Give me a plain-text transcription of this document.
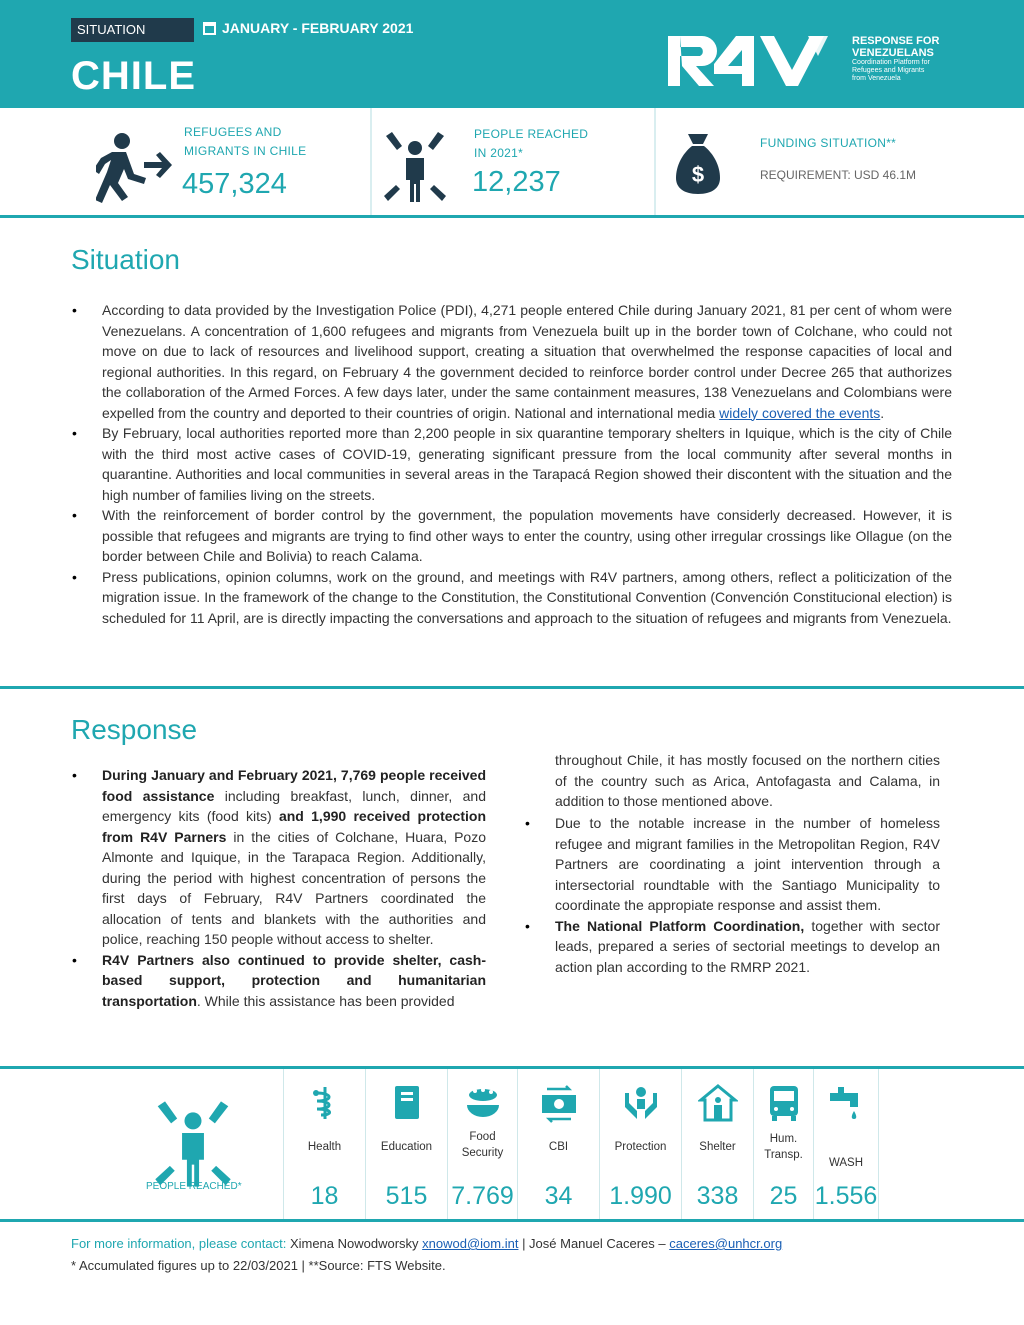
SITUATION	JANUARY - FEBRUARY 2021
CHILE
RESPONSE FOR
VENEZUELANS
Coordination Platform for
Refugees and Migrants
from Venezuela
REFUGEES AND
MIGRANTS IN CHILE
457,324
PEOPLE REACHED
IN 2021*
12,237	$
FUNDING SITUATION**
REQUIREMENT: USD 46.1M
Situation
• According to data provided by the Investigation Police (PDI), 4,271 people entered Chile during January 2021, 81 per cent of whom were Venezuelans. A concentration of 1,600 refugees and migrants from Venezuela built up in the border town of Colchane, who could not move on due to lack of resources and livelihood support, creating a situation that overwhelmed the response capacities of local and regional authorities. In this regard, on February 4 the government decided to reinforce border control under Decree 265 that authorizes the collaboration of the Armed Forces. A few days later, under the same containment measures, 138 Venezuelans and Colombians were expelled from the country and deported to their countries of origin. National and international media widely covered the events.
• By February, local authorities reported more than 2,200 people in six quarantine temporary shelters in Iquique, which is the city of Chile with the third most active cases of COVID-19, generating significant pressure from the local community after several months in quarantine. Authorities and local communities in several areas in the Tarapacá Region showed their discontent with the situation and the high number of families living on the streets.
• With the reinforcement of border control by the government, the population movements have considerly decreased. However, it is possible that refugees and migrants are trying to find other ways to enter the country, using other irregular crossings like Ollague (on the border between Chile and Bolivia) to reach Calama.
• Press publications, opinion columns, work on the ground, and meetings with R4V partners, among others, reflect a politicization of the migration issue. In the framework of the change to the Constitution, the Constitutional Convention (Convención Constitucional election) is scheduled for 11 April, are is directly impacting the conversations and approach to the situation of refugees and migrants from Venezuela.
Response
• During January and February 2021, 7,769 people received food assistance including breakfast, lunch, dinner, and emergency kits (food kits) and 1,990 received protection from R4V Parners in the cities of Colchane, Huara, Pozo Almonte and Iquique, in the Tarapaca Region. Additionally, during the period with highest concentration of persons the first days of February, R4V Partners coordinated the allocation of tents and blankets with the authorities and police, reaching 150 people without access to shelter.
• R4V Partners also continued to provide shelter, cash-based support, protection and humanitarian transportation. While this assistance has been provided
throughout Chile, it has mostly focused on the northern cities of the country such as Arica, Antofagasta and Calama, in addition to those mentioned above.
• Due to the notable increase in the number of homeless refugee and migrant families in the Metropolitan Region, R4V Partners are coordinating a joint intervention through a intersectorial roundtable with the Santiago Municipality to coordinate the appropiate response and assist them.
• The National Platform Coordination, together with sector leads, prepared a series of sectorial meetings to develop an action plan according to the RMRP 2021.
PEOPLE REACHED*
Health
18
Education
515
Food
Security
7.769
CBI
34
Protection
1.990
Shelter
338
Hum.
Transp.
25
WASH
1.556
For more information, please contact: Ximena Nowodworsky xnowod@iom.int | José Manuel Caceres – caceres@unhcr.org
* Accumulated figures up to 22/03/2021 | **Source: FTS Website.
